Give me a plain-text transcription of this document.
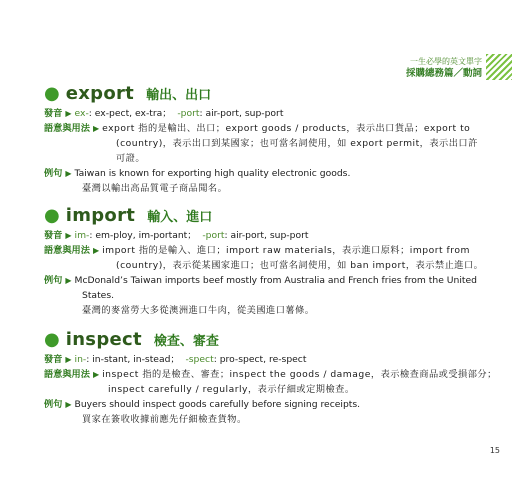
一生必學的英文單字
採購總務篇／動詞
● export 輸出、出口
發音 ▶ ex-: ex-pect, ex-tra； -port: air-port, sup-port
語意與用法 ▶ export 指的是輸出、出口；export goods / products，表示出口貨品；export to
(country)，表示出口到某國家；也可當名詞使用，如 export permit，表示出口許
可證。
例句 ▶ Taiwan is known for exporting high quality electronic goods.
臺灣以輸出高品質電子商品聞名。
● import 輸入、進口
發音 ▶ im-: em-ploy, im-portant； -port: air-port, sup-port
語意與用法 ▶ import 指的是輸入、進口；import raw materials，表示進口原料；import from
(country)，表示從某國家進口；也可當名詞使用，如 ban import，表示禁止進口。
例句 ▶ McDonald’s Taiwan imports beef mostly from Australia and French fries from the United
States.
臺灣的麥當勞大多從澳洲進口牛肉，從美國進口薯條。
● inspect 檢查、審查
發音 ▶ in-: in-stant, in-stead； -spect: pro-spect, re-spect
語意與用法 ▶ inspect 指的是檢查、審查；inspect the goods / damage，表示檢查商品或受損部分；
inspect carefully / regularly，表示仔細或定期檢查。
例句 ▶ Buyers should inspect goods carefully before signing receipts.
買家在簽收收據前應先仔細檢查貨物。
15
